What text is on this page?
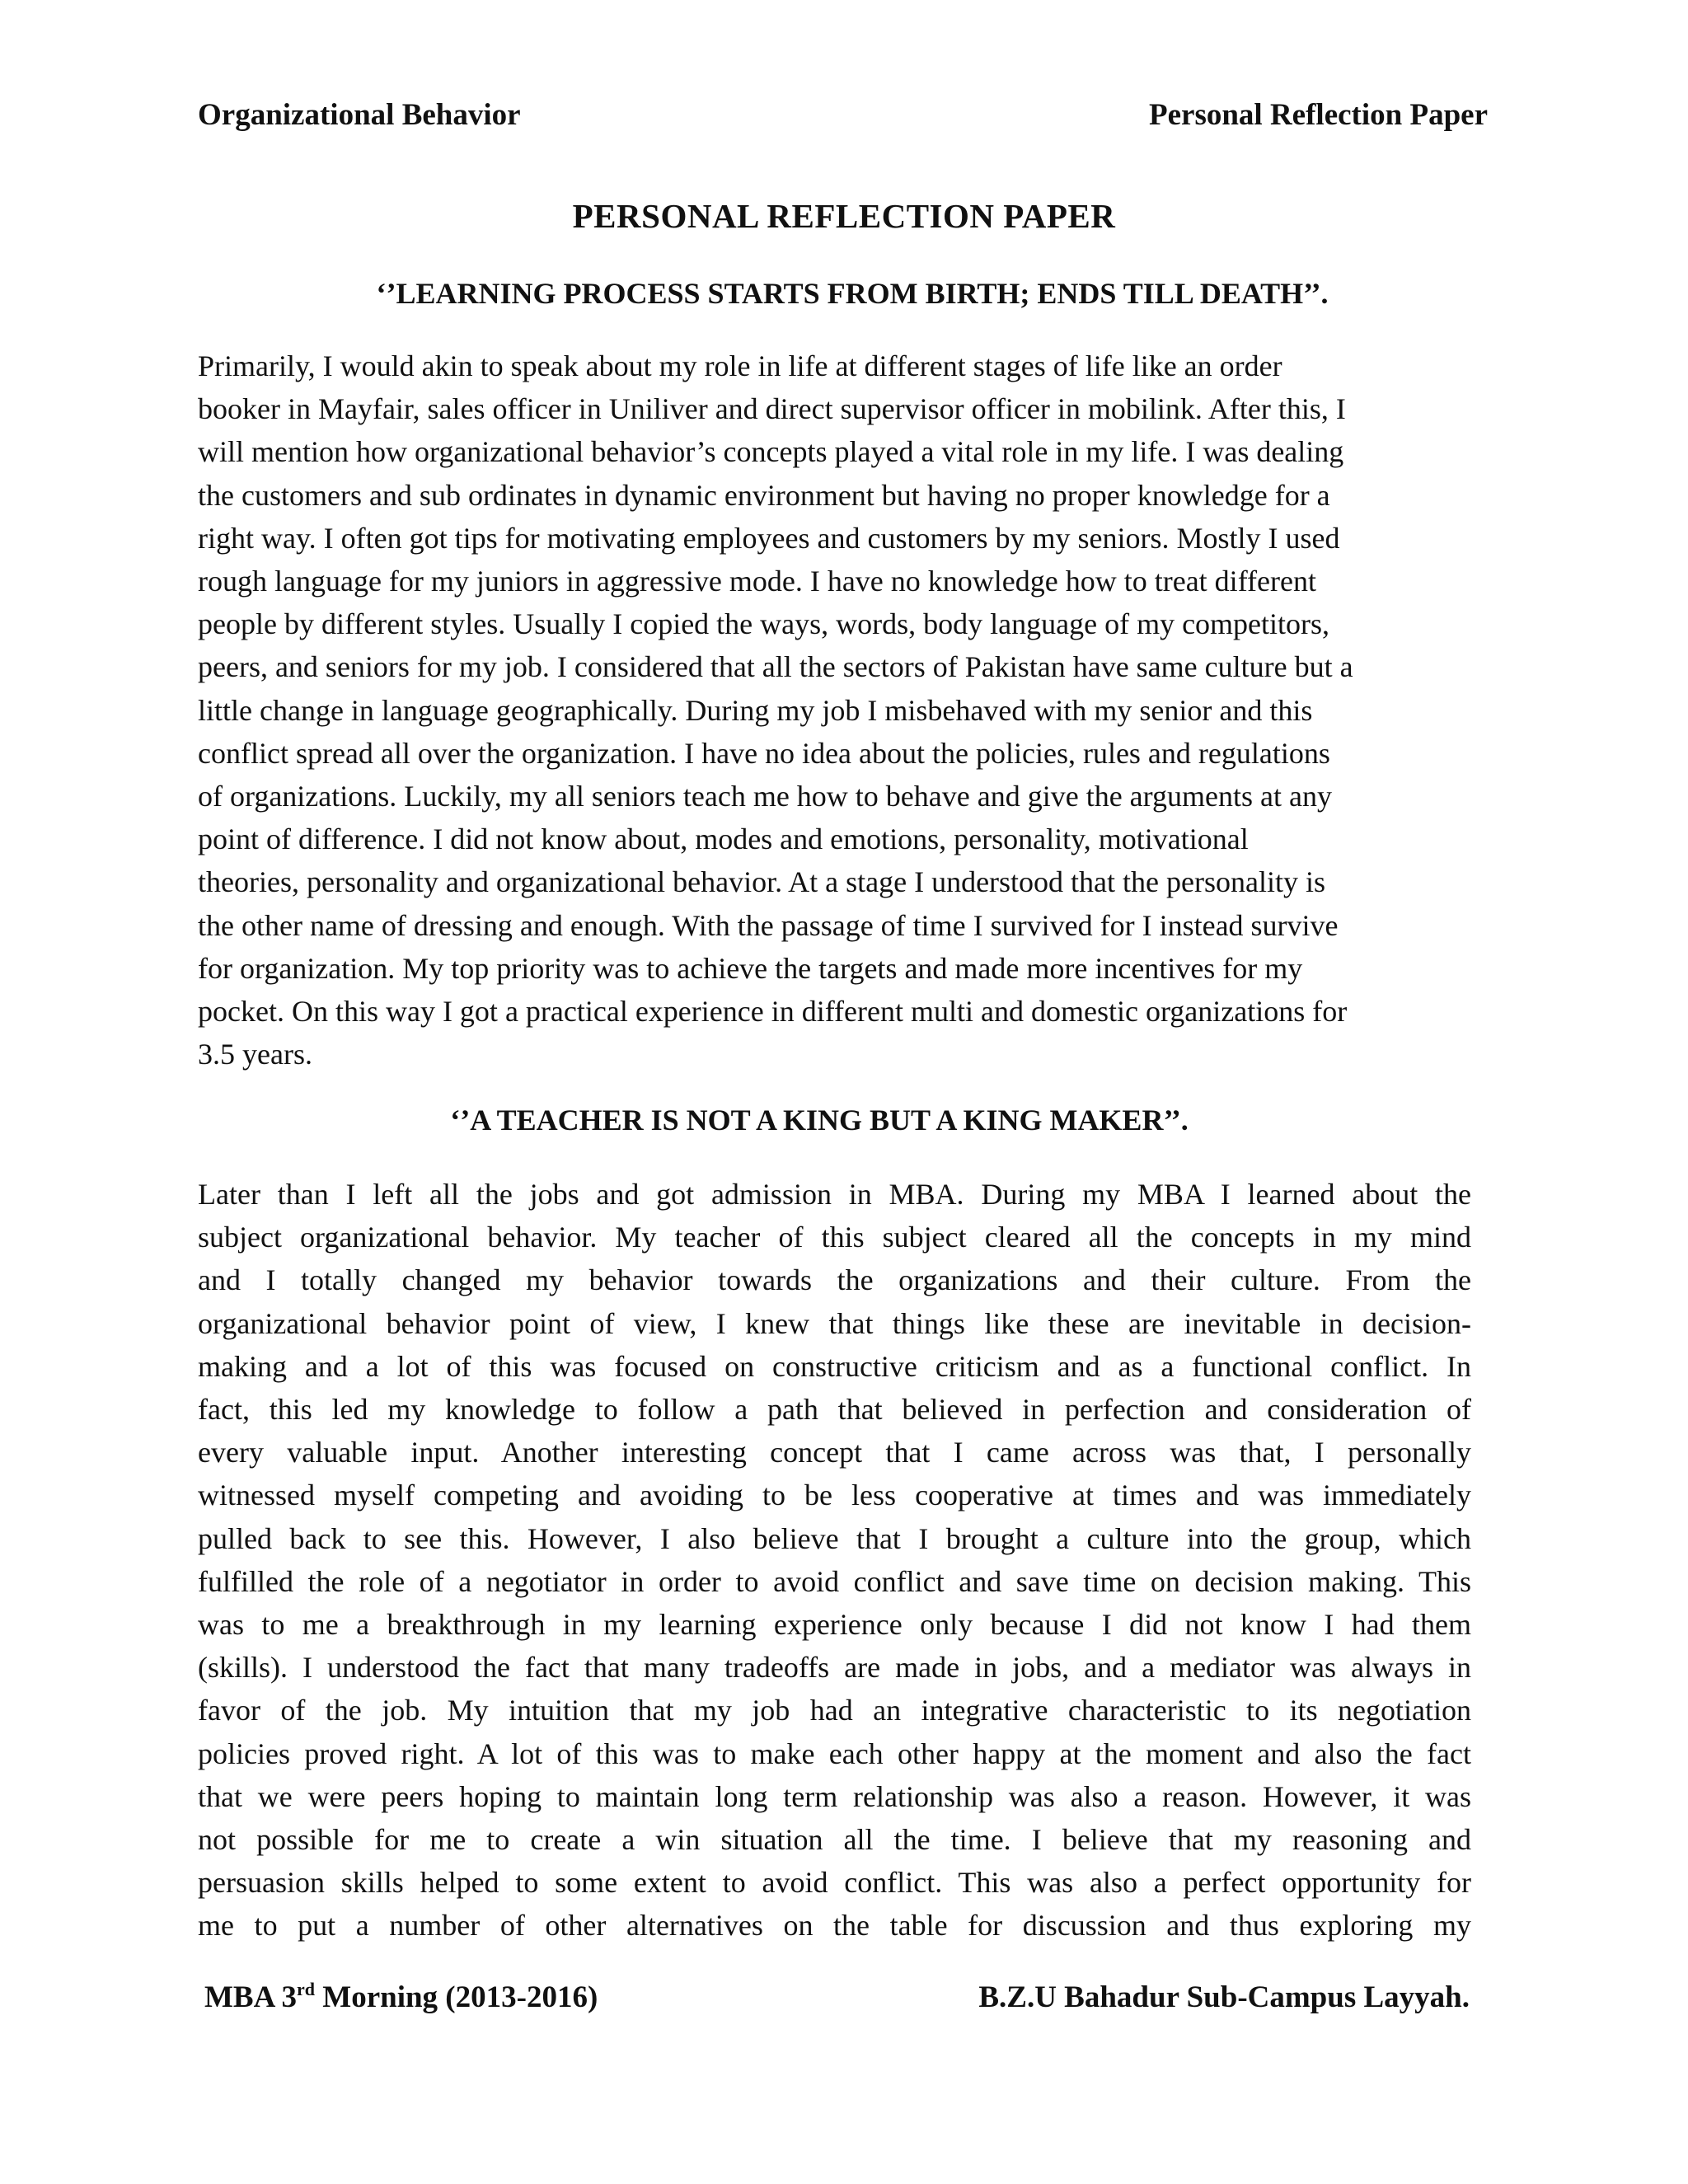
Organizational Behavior	Personal Reflection Paper
PERSONAL REFLECTION PAPER
‘’LEARNING PROCESS STARTS FROM BIRTH; ENDS TILL DEATH’’.
Primarily, I would akin to speak about my role in life at different stages of life like an order
booker in Mayfair, sales officer in Uniliver and direct supervisor officer in mobilink. After this, I
will mention how organizational behavior’s concepts played a vital role in my life. I was dealing
the customers and sub ordinates in dynamic environment but having no proper knowledge for a
right way. I often got tips for motivating employees and customers by my seniors. Mostly I used
rough language for my juniors in aggressive mode. I have no knowledge how to treat different
people by different styles. Usually I copied the ways, words, body language of my competitors,
peers, and seniors for my job. I considered that all the sectors of Pakistan have same culture but a
little change in language geographically. During my job I misbehaved with my senior and this
conflict spread all over the organization. I have no idea about the policies, rules and regulations
of organizations. Luckily, my all seniors teach me how to behave and give the arguments at any
point of difference. I did not know about, modes and emotions, personality, motivational
theories, personality and organizational behavior. At a stage I understood that the personality is
the other name of dressing and enough. With the passage of time I survived for I instead survive
for organization. My top priority was to achieve the targets and made more incentives for my
pocket. On this way I got a practical experience in different multi and domestic organizations for
3.5 years.
‘’A TEACHER IS NOT A KING BUT A KING MAKER’’.
Later than I left all the jobs and got admission in MBA. During my MBA I learned about the
subject organizational behavior. My teacher of this subject cleared all the concepts in my mind
and I totally changed my behavior towards the organizations and their culture. From the
organizational behavior point of view, I knew that things like these are inevitable in decision-
making and a lot of this was focused on constructive criticism and as a functional conflict. In
fact, this led my knowledge to follow a path that believed in perfection and consideration of
every valuable input. Another interesting concept that I came across was that, I personally
witnessed myself competing and avoiding to be less cooperative at times and was immediately
pulled back to see this. However, I also believe that I brought a culture into the group, which
fulfilled the role of a negotiator in order to avoid conflict and save time on decision making. This
was to me a breakthrough in my learning experience only because I did not know I had them
(skills). I understood the fact that many tradeoffs are made in jobs, and a mediator was always in
favor of the job. My intuition that my job had an integrative characteristic to its negotiation
policies proved right. A lot of this was to make each other happy at the moment and also the fact
that we were peers hoping to maintain long term relationship was also a reason. However, it was
not possible for me to create a win situation all the time. I believe that my reasoning and
persuasion skills helped to some extent to avoid conflict. This was also a perfect opportunity for
me to put a number of other alternatives on the table for discussion and thus exploring my
MBA 3rd Morning (2013-2016)	B.Z.U Bahadur Sub-Campus Layyah.
